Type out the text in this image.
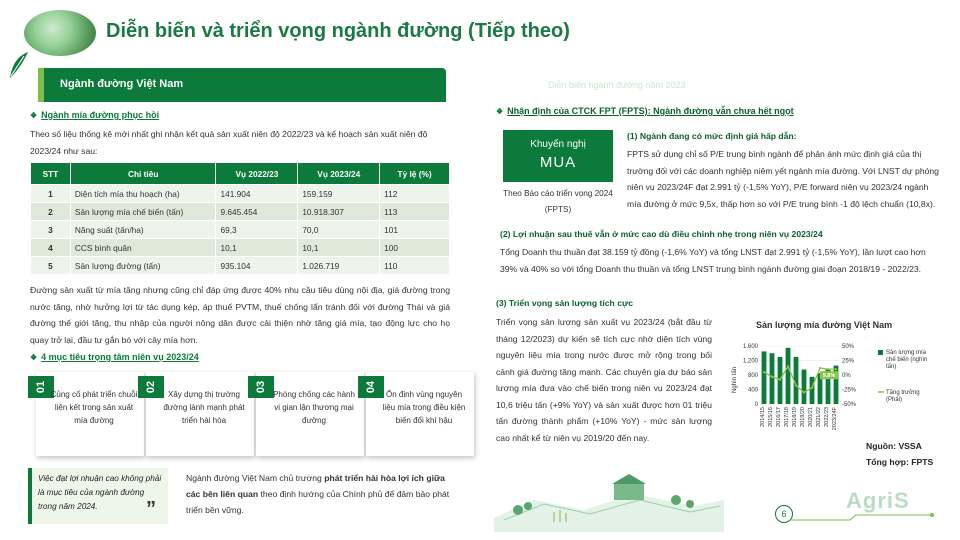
Diễn biến và triển vọng ngành đường (Tiếp theo)
Ngành đường Việt Nam
❖ Ngành mía đường phục hồi
Theo số liệu thống kê mới nhất ghi nhận kết quả sản xuất niên độ 2022/23 và kế hoạch sản xuất niên độ 2023/24 như sau:
STT	Chỉ tiêu	Vụ 2022/23	Vụ 2023/24	Tỷ lệ (%)
1	Diện tích mía thu hoạch (ha)	141.904	159.159	112
2	Sản lượng mía chế biến (tấn)	9.645.454	10.918.307	113
3	Năng suất (tấn/ha)	69,3	70,0	101
4	CCS bình quân	10,1	10,1	100
5	Sản lượng đường (tấn)	935.104	1.026.719	110
Đường sản xuất từ mía tăng nhưng cũng chỉ đáp ứng được 40% nhu cầu tiêu dùng nội địa, giá đường trong nước tăng, nhờ hưởng lợi từ tác dụng kép, áp thuế PVTM, thuế chống lẩn tránh đối với đường Thái và giá đường thế giới tăng, thu nhập của người nông dân được cải thiện nhờ tăng giá mía, tạo động lực cho họ quay trở lại, đầu tư gắn bó với cây mía hơn.
❖ 4 mục tiêu trọng tâm niên vụ 2023/24
01
Củng cố phát triển chuỗi liên kết trong sản xuất mía đường
02
Xây dựng thị trường đường lành mạnh phát triển hài hòa
03
Phòng chống các hành vi gian lận thương mại đường
04
Ổn định vùng nguyên liệu mía trong điều kiện biến đổi khí hậu
Việc đạt lợi nhuận cao không phải là mục tiêu của ngành đường trong năm 2024.	”
Ngành đường Việt Nam chủ trương phát triển hài hòa lợi ích giữa các bên liên quan theo định hướng của Chính phủ để đảm bảo phát triển bền vững.
Diễn biến ngành đường năm 2023
❖ Nhận định của CTCK FPT (FPTS): Ngành đường vẫn chưa hết ngọt
Khuyến nghị
MUA
Theo Báo cáo triển vọng 2024 (FPTS)
(1) Ngành đang có mức định giá hấp dẫn:
FPTS sử dụng chỉ số P/E trung bình ngành để phản ánh mức định giá của thị trường đối với các doanh nghiệp niêm yết ngành mía đường. Với LNST dự phóng niên vụ 2023/24F đạt 2.991 tỷ (-1,5% YoY), P/E forward niên vụ 2023/24 ngành mía đường ở mức 9,5x, thấp hơn so với P/E trung bình -1 độ lệch chuẩn (10,8x).
(2) Lợi nhuận sau thuế vẫn ở mức cao dù điều chỉnh nhẹ trong niên vụ 2023/24
Tổng Doanh thu thuần đạt 38.159 tỷ đồng (-1,6% YoY) và tổng LNST đạt 2.991 tỷ (-1,5% YoY), lần lượt cao hơn 39% và 40% so với tổng Doanh thu thuần và tổng LNST trung bình ngành đường giai đoạn 2018/19 - 2022/23.
(3) Triển vọng sản lượng tích cực
Triển vọng sản lượng sản xuất vụ 2023/24 (bắt đầu từ tháng 12/2023) dự kiến sẽ tích cực nhờ diện tích vùng nguyên liệu mía trong nước được mở rộng trong bối cảnh giá đường tăng mạnh. Các chuyên gia dự báo sản lượng mía đưa vào chế biến trong niên vụ 2023/24 đạt 10,6 triệu tấn (+9% YoY) và sản xuất được hơn 01 triệu tấn đường thành phẩm (+10% YoY) - mức sản lượng cao nhất kể từ niên vụ 2019/20 đến nay.
Sản lượng mía đường Việt Nam
Nghìn tấn
1.600
1.200
800
400
0
50%
25%
0%
-25%
-50%
2014/15 2015/16 2016/17 2017/18 2018/19 2019/20 2020/21 2021/22 2022/23 2023/24F
9,8%
Sản lượng mía chế biến (nghìn tấn)
Tăng trưởng (Phải)
Nguồn: VSSA
Tổng hợp: FPTS
6
AgriS
